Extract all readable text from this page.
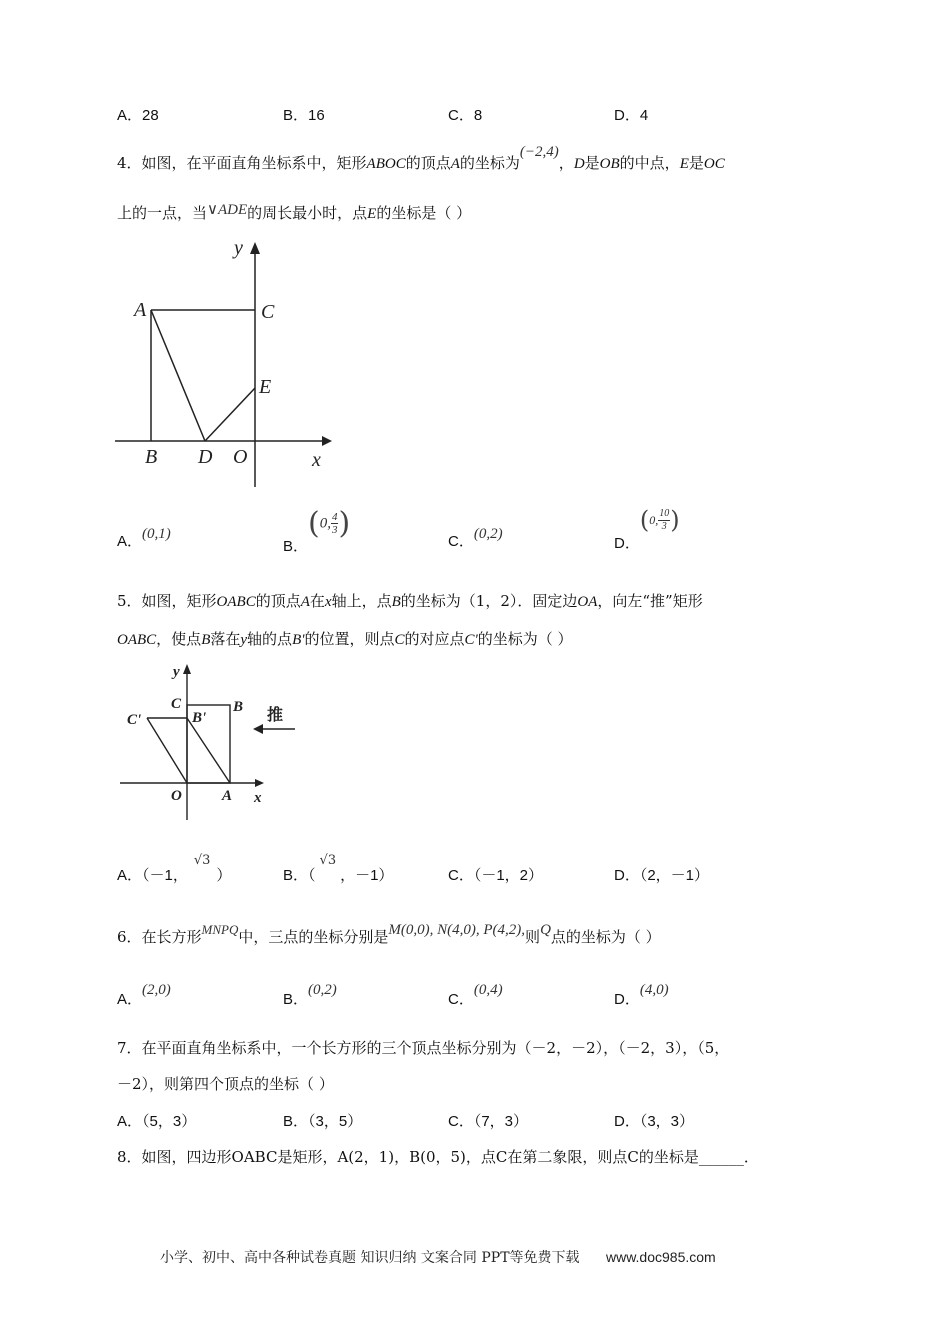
A．28	B．16	C．8	D．4
4．如图，在平面直角坐标系中，矩形ABOC的顶点A的坐标为(−2,4)，D是OB的中点，E是OC
上的一点，当∨ADE的周长最小时，点E的坐标是（ ）
y
A	C
E
B D O	x
A．(0,1)
B．(0, $\frac{4}{3}$ )
C．(0,2)
D．(0, $\frac{10}{3}$ )
5．如图，矩形OABC的顶点A在x轴上，点B的坐标为（1，2）．固定边OA，向左“推”矩形
OABC，使点B落在y轴的点B'的位置，则点C的对应点C'的坐标为（ ）
y
C
C'	B'
B
O	A x
推
A．（－1，√3）	B．（√3，－1）	C．（－1，2）	D．（2，－1）
6．在长方形MNPQ中，三点的坐标分别是M(0,0), N(4,0), P(4,2),则Q点的坐标为（ ）
A．(2,0)
B．(0,2)
C．(0,4)
D．(4,0)
7．在平面直角坐标系中，一个长方形的三个顶点坐标分别为（－2，－2），（－2，3），（5，
－2），则第四个顶点的坐标（ ）
A．（5，3）	B．（3，5）	C．（7，3）	D．（3，3）
8．如图，四边形OABC是矩形，A(2，1)，B(0，5)，点C在第二象限，则点C的坐标是______．
小学、初中、高中各种试卷真题 知识归纳 文案合同 PPT等免费下载 www.doc985.com
